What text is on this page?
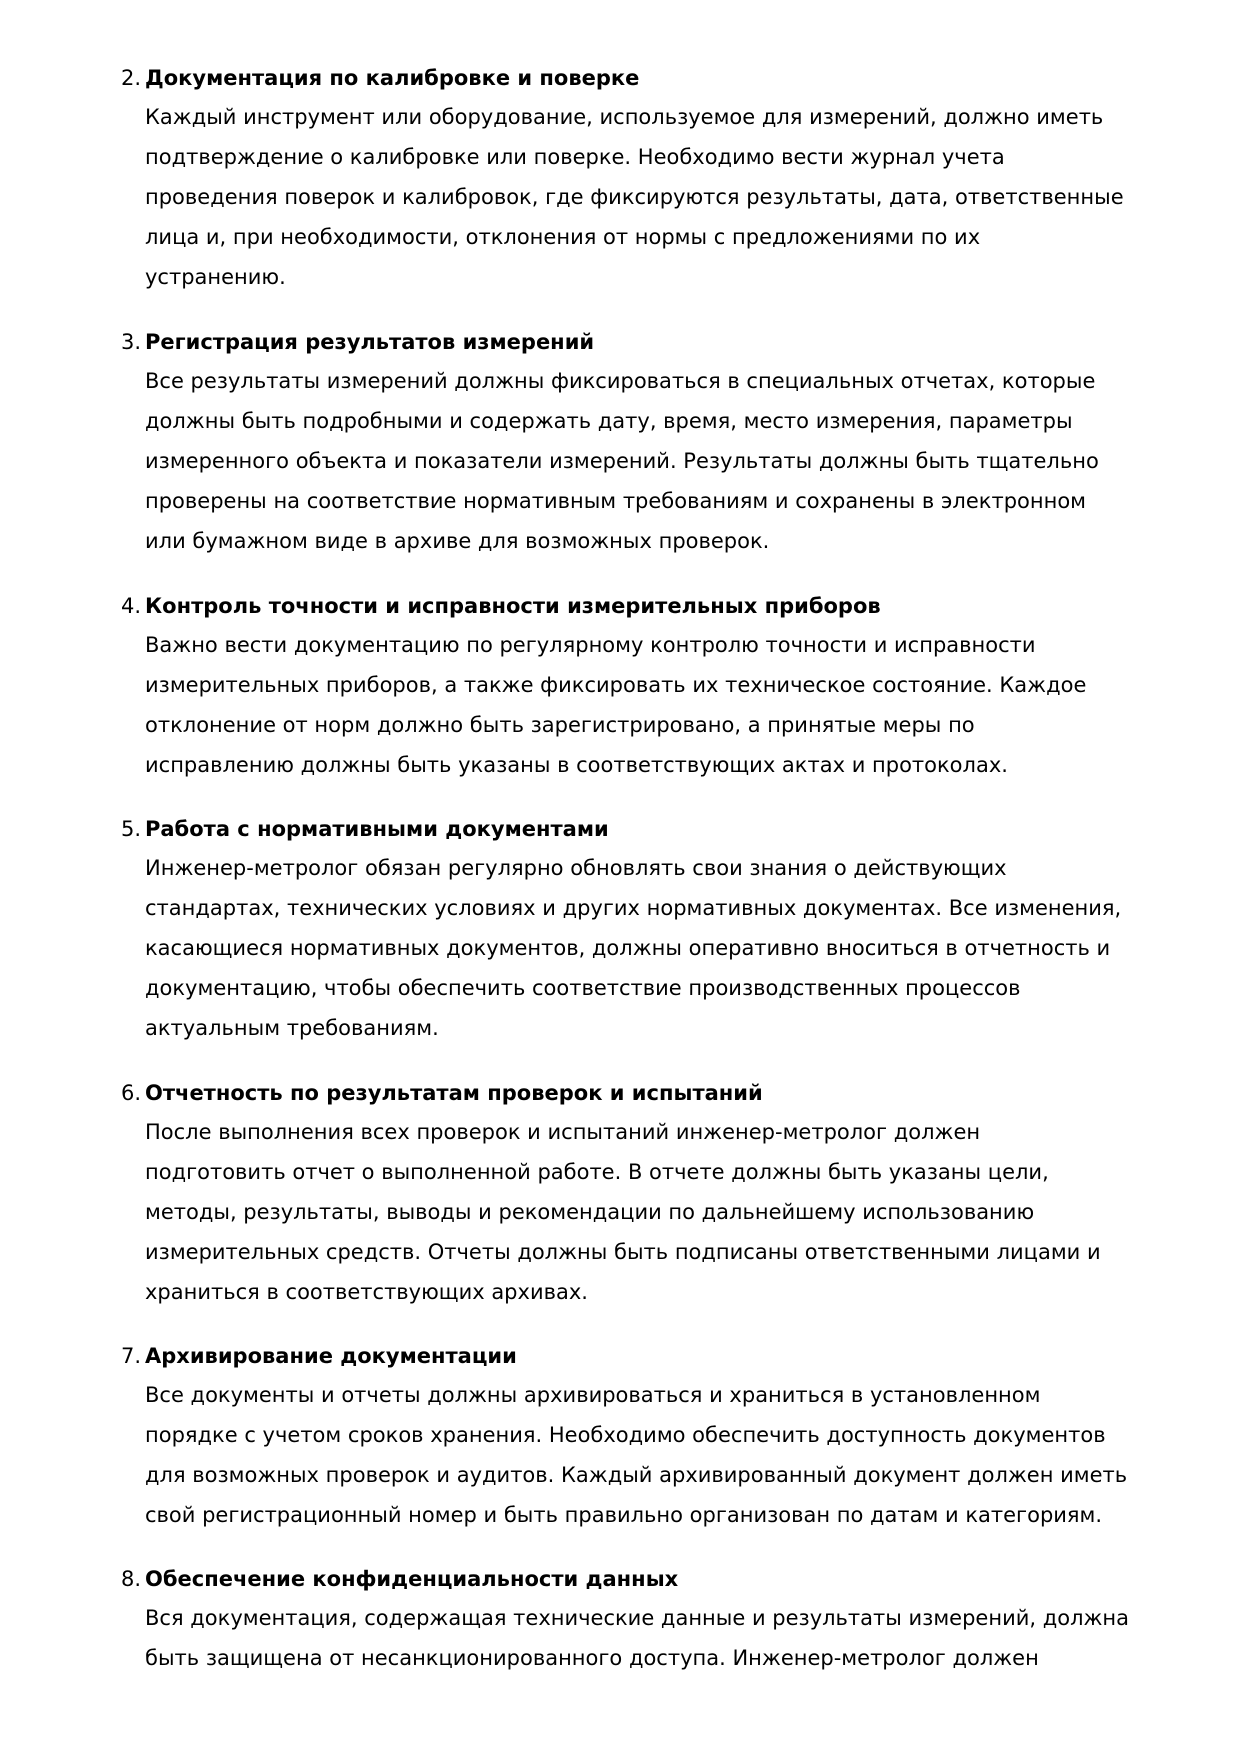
2. Документация по калибровке и поверке

Каждый инструмент или оборудование, используемое для измерений, должно иметь
подтверждение о калибровке или поверке. Необходимо вести журнал учета
проведения поверок и калибровок, где фиксируются результаты, дата, ответственные
лица и, при необходимости, отклонения от нормы с предложениями по их
устранению.

3. Регистрация результатов измерений

Все результаты измерений должны фиксироваться в специальных отчетах, которые
должны быть подробными и содержать дату, время, место измерения, параметры
измеренного объекта и показатели измерений. Результаты должны быть тщательно
проверены на соответствие нормативным требованиям и сохранены в электронном
или бумажном виде в архиве для возможных проверок.

4. Контроль точности и исправности измерительных приборов

Важно вести документацию по регулярному контролю точности и исправности
измерительных приборов, а также фиксировать их техническое состояние. Каждое
отклонение от норм должно быть зарегистрировано, а принятые меры по
исправлению должны быть указаны в соответствующих актах и протоколах.

5. Работа с нормативными документами

Инженер-метролог обязан регулярно обновлять свои знания о действующих
стандартах, технических условиях и других нормативных документах. Все изменения,
касающиеся нормативных документов, должны оперативно вноситься в отчетность и
документацию, чтобы обеспечить соответствие производственных процессов
актуальным требованиям.

6. Отчетность по результатам проверок и испытаний

После выполнения всех проверок и испытаний инженер-метролог должен
подготовить отчет о выполненной работе. В отчете должны быть указаны цели,
методы, результаты, выводы и рекомендации по дальнейшему использованию
измерительных средств. Отчеты должны быть подписаны ответственными лицами и
храниться в соответствующих архивах.

7. Архивирование документации

Все документы и отчеты должны архивироваться и храниться в установленном
порядке с учетом сроков хранения. Необходимо обеспечить доступность документов
для возможных проверок и аудитов. Каждый архивированный документ должен иметь
свой регистрационный номер и быть правильно организован по датам и категориям.

8. Обеспечение конфиденциальности данных

Вся документация, содержащая технические данные и результаты измерений, должна
быть защищена от несанкционированного доступа. Инженер-метролог должен
